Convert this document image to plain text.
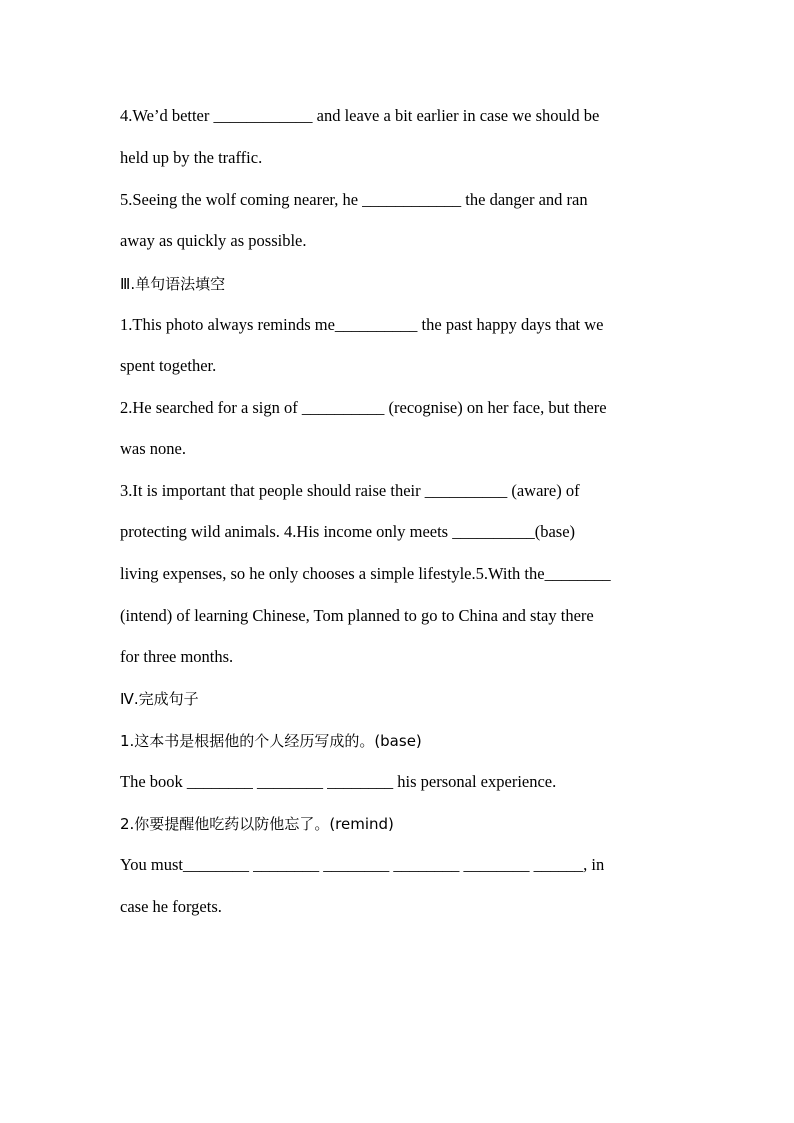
4.We’d better ____________ and leave a bit earlier in case we should be
held up by the traffic.
5.Seeing the wolf coming nearer, he ____________ the danger and ran
away as quickly as possible.
Ⅲ.单句语法填空
1.This photo always reminds me__________ the past happy days that we
spent together.
2.He searched for a sign of __________ (recognise) on her face, but there
was none.
3.It is important that people should raise their __________ (aware) of
protecting wild animals. 4.His income only meets __________(base)
living expenses, so he only chooses a simple lifestyle.5.With the________
(intend) of learning Chinese, Tom planned to go to China and stay there
for three months.
Ⅳ.完成句子
1.这本书是根据他的个人经历写成的。(base)
The book ________ ________ ________ his personal experience.
2.你要提醒他吃药以防他忘了。(remind)
You must________ ________ ________ ________ ________ ______, in
case he forgets.
